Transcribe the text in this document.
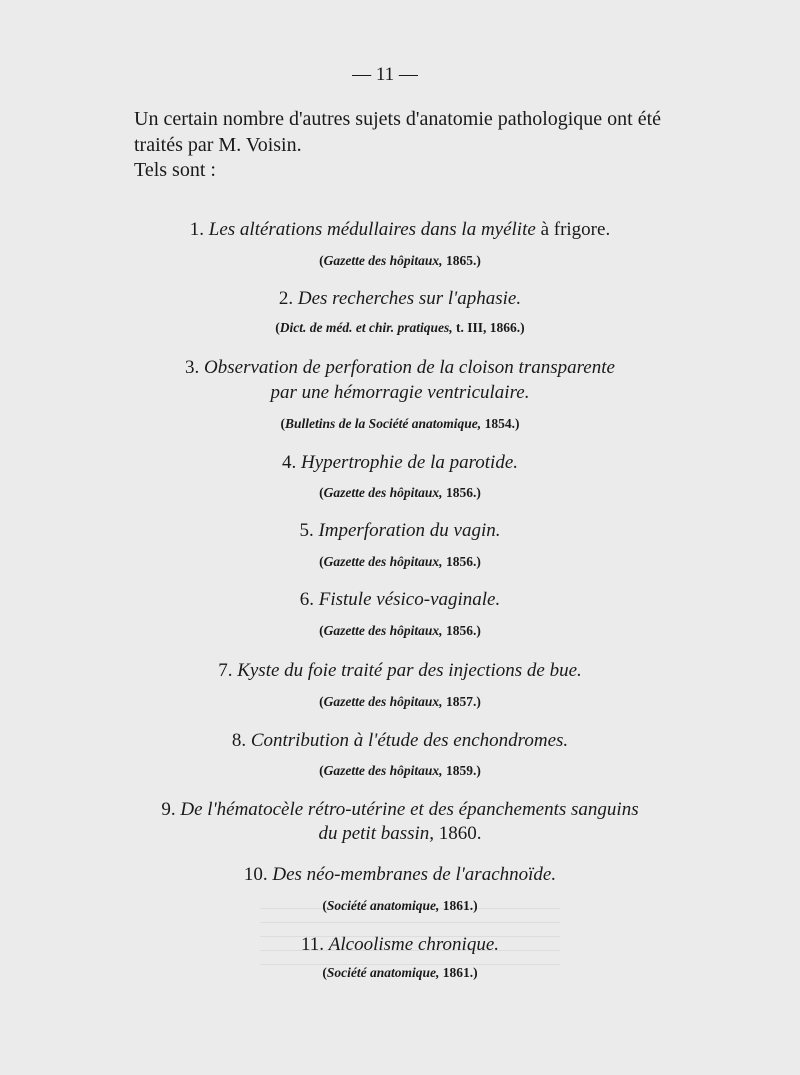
— 11 —
Un certain nombre d'autres sujets d'anatomie pathologique ont été
traités par M. Voisin.
Tels sont :
1. Les altérations médullaires dans la myélite à frigore.
(Gazette des hôpitaux, 1865.)
2. Des recherches sur l'aphasie.
(Dict. de méd. et chir. pratiques, t. III, 1866.)
3. Observation de perforation de la cloison transparente
par une hémorragie ventriculaire.
(Bulletins de la Société anatomique, 1854.)
4. Hypertrophie de la parotide.
(Gazette des hôpitaux, 1856.)
5. Imperforation du vagin.
(Gazette des hôpitaux, 1856.)
6. Fistule vésico-vaginale.
(Gazette des hôpitaux, 1856.)
7. Kyste du foie traité par des injections de bue.
(Gazette des hôpitaux, 1857.)
8. Contribution à l'étude des enchondromes.
(Gazette des hôpitaux, 1859.)
9. De l'hématocèle rétro-utérine et des épanchements sanguins
du petit bassin, 1860.
10. Des néo-membranes de l'arachnoïde.
(Société anatomique, 1861.)
11. Alcoolisme chronique.
(Société anatomique, 1861.)
